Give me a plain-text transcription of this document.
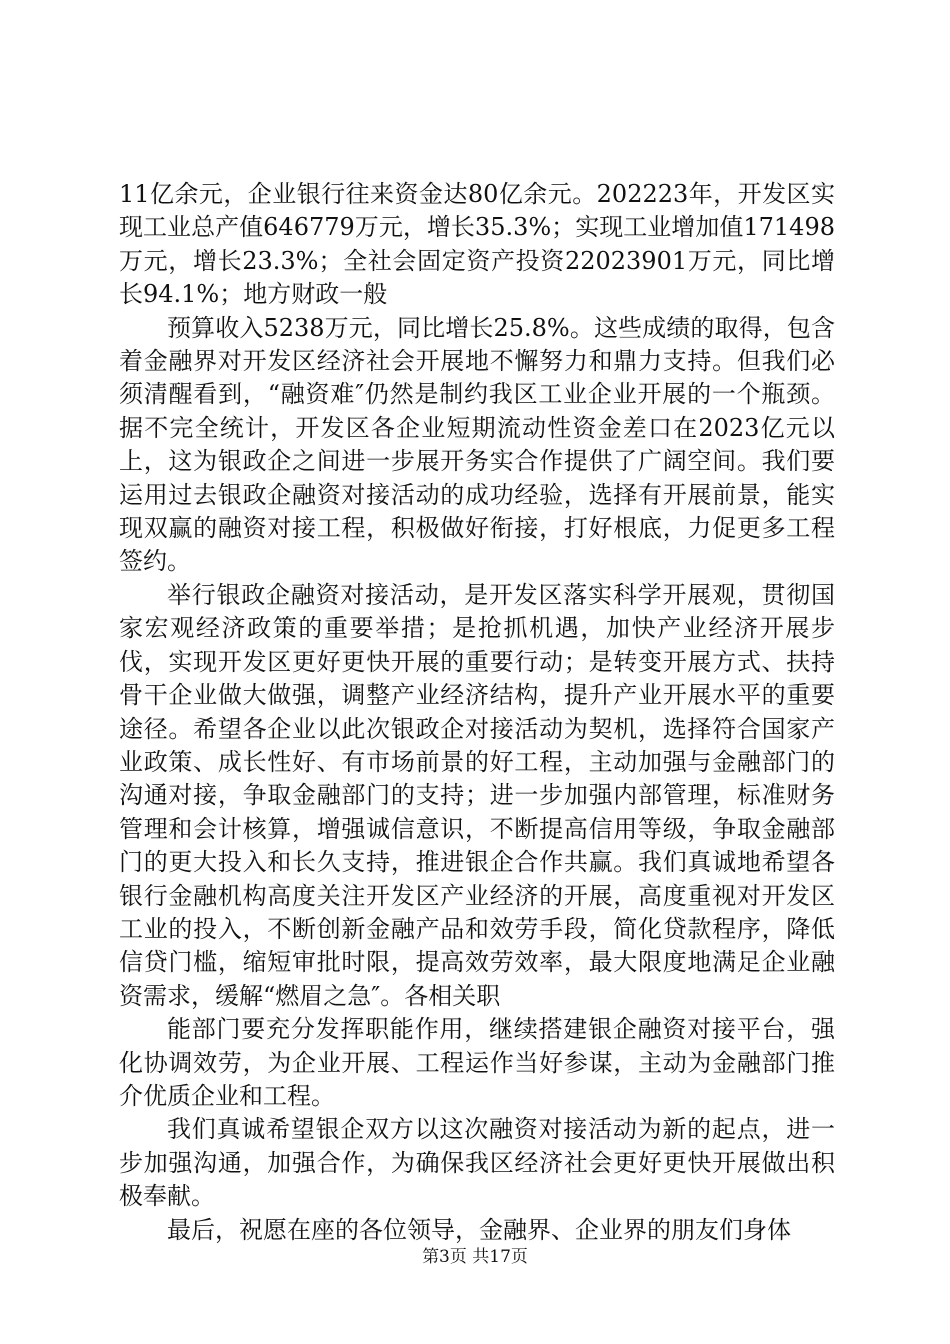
11亿余元，企业银行往来资金达80亿余元。202223年，开发区实现工业总产值646779万元，增长35.3%；实现工业增加值171498万元，增长23.3%；全社会固定资产投资22023901万元，同比增长94.1%；地方财政一般

预算收入5238万元，同比增长25.8%。这些成绩的取得，包含着金融界对开发区经济社会开展地不懈努力和鼎力支持。但我们必须清醒看到，“融资难″仍然是制约我区工业企业开展的一个瓶颈。据不完全统计，开发区各企业短期流动性资金差口在2023亿元以上，这为银政企之间进一步展开务实合作提供了广阔空间。我们要运用过去银政企融资对接活动的成功经验，选择有开展前景，能实现双赢的融资对接工程，积极做好衔接，打好根底，力促更多工程签约。

举行银政企融资对接活动，是开发区落实科学开展观，贯彻国家宏观经济政策的重要举措；是抢抓机遇，加快产业经济开展步伐，实现开发区更好更快开展的重要行动；是转变开展方式、扶持骨干企业做大做强，调整产业经济结构，提升产业开展水平的重要途径。希望各企业以此次银政企对接活动为契机，选择符合国家产业政策、成长性好、有市场前景的好工程，主动加强与金融部门的沟通对接，争取金融部门的支持；进一步加强内部管理，标准财务管理和会计核算，增强诚信意识，不断提高信用等级，争取金融部门的更大投入和长久支持，推进银企合作共赢。我们真诚地希望各银行金融机构高度关注开发区产业经济的开展，高度重视对开发区工业的投入，不断创新金融产品和效劳手段，简化贷款程序，降低信贷门槛，缩短审批时限，提高效劳效率，最大限度地满足企业融资需求，缓解“燃眉之急″。各相关职

能部门要充分发挥职能作用，继续搭建银企融资对接平台，强化协调效劳，为企业开展、工程运作当好参谋，主动为金融部门推介优质企业和工程。

我们真诚希望银企双方以这次融资对接活动为新的起点，进一步加强沟通，加强合作，为确保我区经济社会更好更快开展做出积极奉献。

最后，祝愿在座的各位领导，金融界、企业界的朋友们身体

第3页 共17页
